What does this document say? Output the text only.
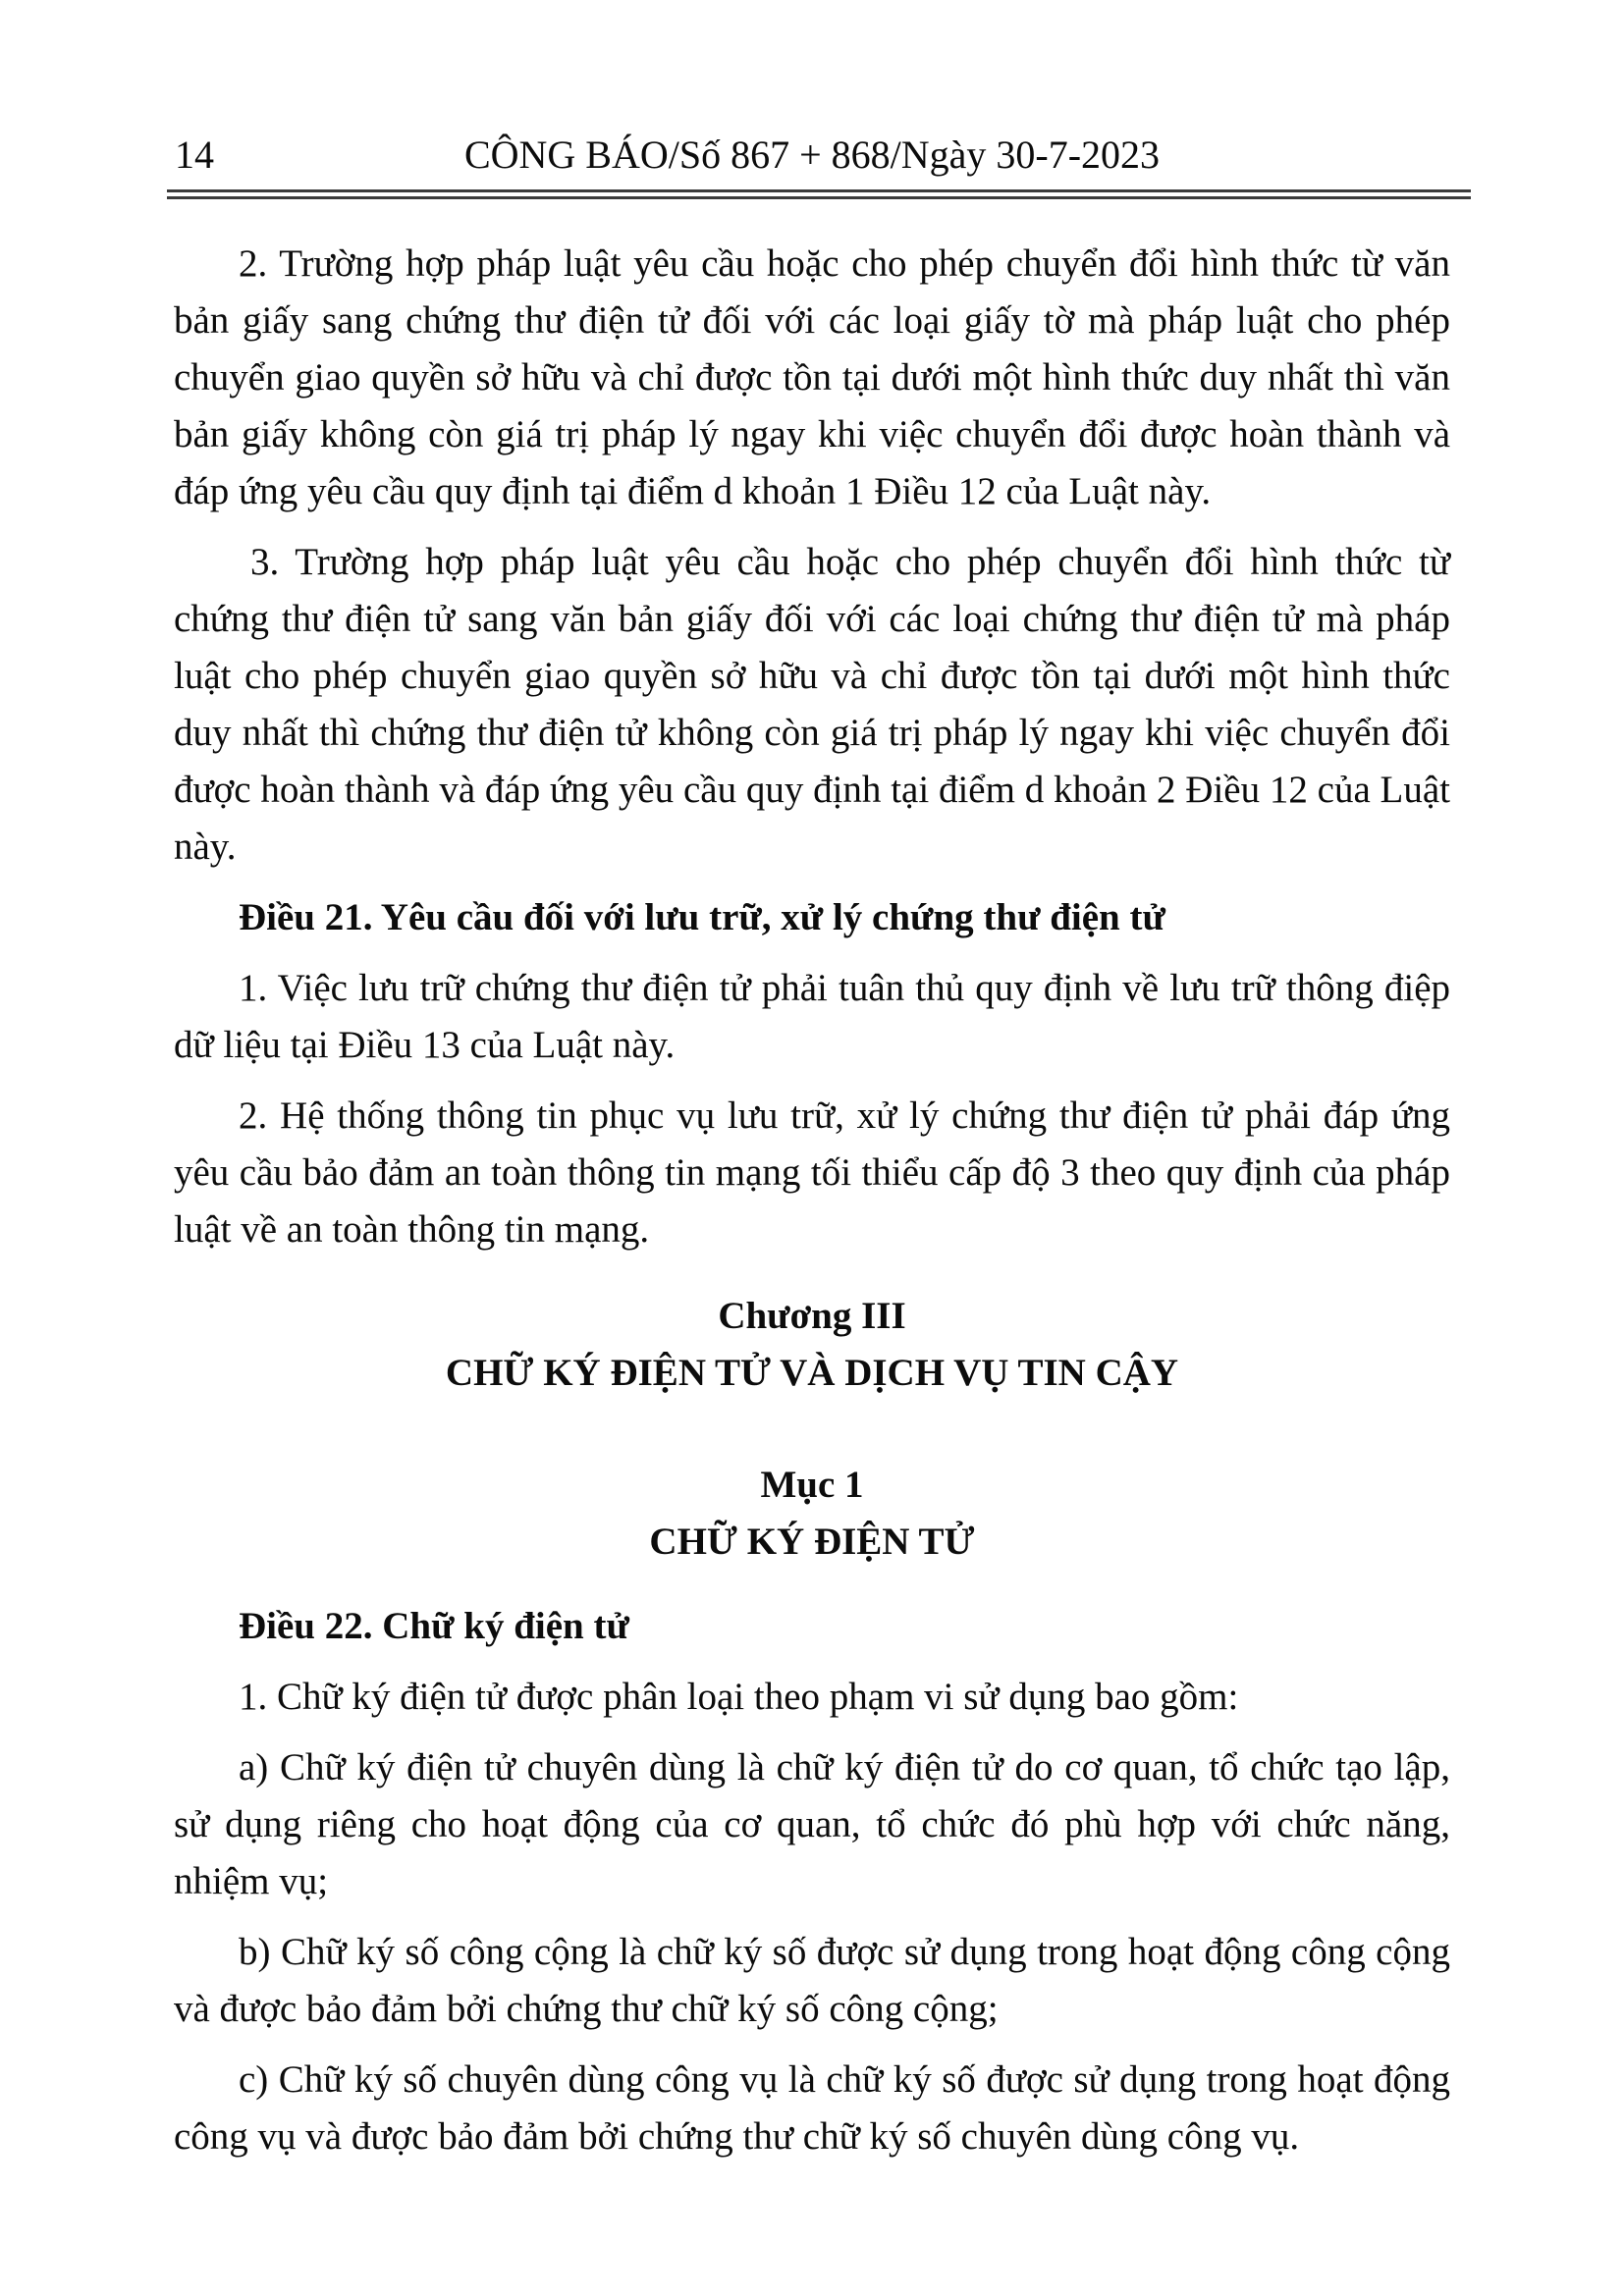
14	CÔNG BÁO/Số 867 + 868/Ngày 30-7-2023

2. Trường hợp pháp luật yêu cầu hoặc cho phép chuyển đổi hình thức từ văn bản giấy sang chứng thư điện tử đối với các loại giấy tờ mà pháp luật cho phép chuyển giao quyền sở hữu và chỉ được tồn tại dưới một hình thức duy nhất thì văn bản giấy không còn giá trị pháp lý ngay khi việc chuyển đổi được hoàn thành và đáp ứng yêu cầu quy định tại điểm d khoản 1 Điều 12 của Luật này.

3. Trường hợp pháp luật yêu cầu hoặc cho phép chuyển đổi hình thức từ chứng thư điện tử sang văn bản giấy đối với các loại chứng thư điện tử mà pháp luật cho phép chuyển giao quyền sở hữu và chỉ được tồn tại dưới một hình thức duy nhất thì chứng thư điện tử không còn giá trị pháp lý ngay khi việc chuyển đổi được hoàn thành và đáp ứng yêu cầu quy định tại điểm d khoản 2 Điều 12 của Luật này.

Điều 21. Yêu cầu đối với lưu trữ, xử lý chứng thư điện tử

1. Việc lưu trữ chứng thư điện tử phải tuân thủ quy định về lưu trữ thông điệp dữ liệu tại Điều 13 của Luật này.

2. Hệ thống thông tin phục vụ lưu trữ, xử lý chứng thư điện tử phải đáp ứng yêu cầu bảo đảm an toàn thông tin mạng tối thiểu cấp độ 3 theo quy định của pháp luật về an toàn thông tin mạng.

Chương III

CHỮ KÝ ĐIỆN TỬ VÀ DỊCH VỤ TIN CẬY

Mục 1

CHỮ KÝ ĐIỆN TỬ

Điều 22. Chữ ký điện tử

1. Chữ ký điện tử được phân loại theo phạm vi sử dụng bao gồm:

a) Chữ ký điện tử chuyên dùng là chữ ký điện tử do cơ quan, tổ chức tạo lập, sử dụng riêng cho hoạt động của cơ quan, tổ chức đó phù hợp với chức năng, nhiệm vụ;

b) Chữ ký số công cộng là chữ ký số được sử dụng trong hoạt động công cộng và được bảo đảm bởi chứng thư chữ ký số công cộng;

c) Chữ ký số chuyên dùng công vụ là chữ ký số được sử dụng trong hoạt động công vụ và được bảo đảm bởi chứng thư chữ ký số chuyên dùng công vụ.
